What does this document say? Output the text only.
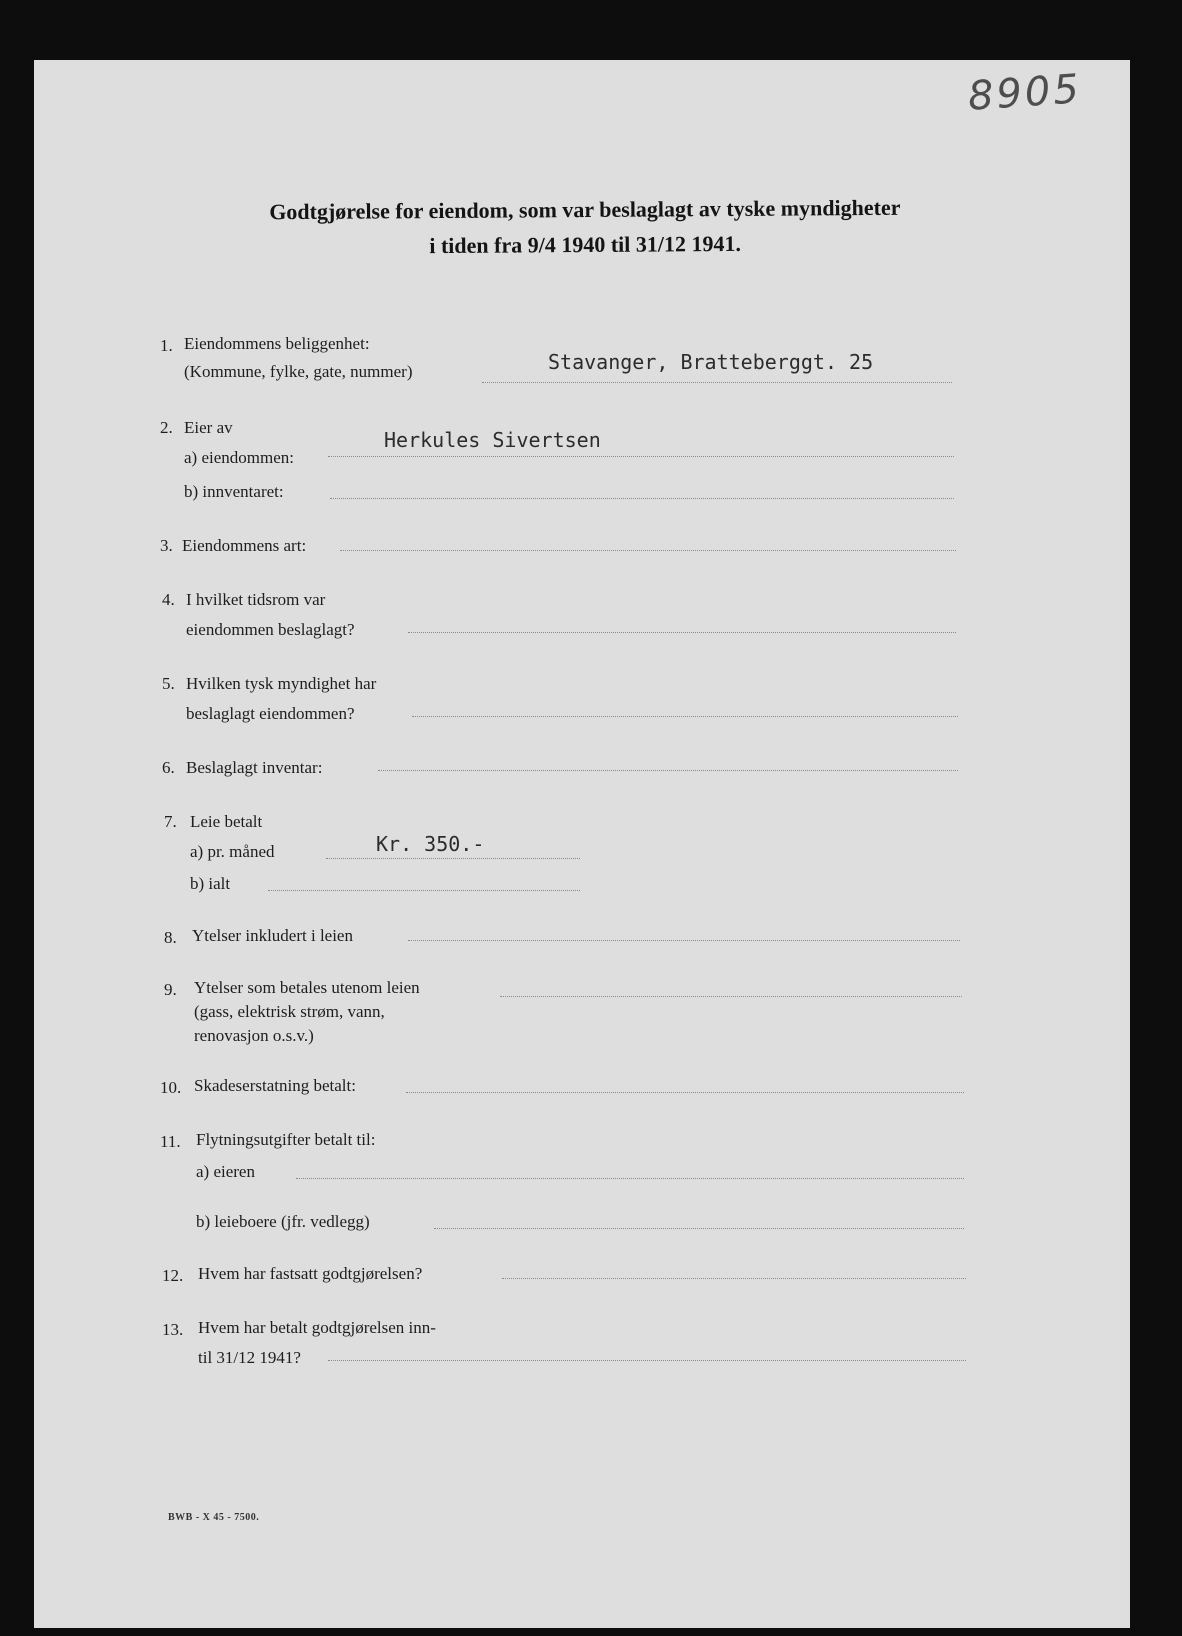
8905
Godtgjørelse for eiendom, som var beslaglagt av tyske myndigheter
i tiden fra 9/4 1940 til 31/12 1941.
1. Eiendommens beliggenhet:
(Kommune, fylke, gate, nummer)	Stavanger, Bratteberggt. 25
2. Eier av
a) eiendommen:
Herkules Sivertsen
b) innventaret:
3. Eiendommens art:
4. I hvilket tidsrom var
eiendommen beslaglagt?
5. Hvilken tysk myndighet har
beslaglagt eiendommen?
6. Beslaglagt inventar:
7. Leie betalt
a) pr. måned	Kr. 350.-
b) ialt
8. Ytelser inkludert i leien
9. Ytelser som betales utenom leien
(gass, elektrisk strøm, vann,
renovasjon o.s.v.)
10. Skadeserstatning betalt:
11. Flytningsutgifter betalt til:
a) eieren
b) leieboere (jfr. vedlegg)
12. Hvem har fastsatt godtgjørelsen?
13. Hvem har betalt godtgjørelsen inn-
til 31/12 1941?
BWB - X 45 - 7500.
